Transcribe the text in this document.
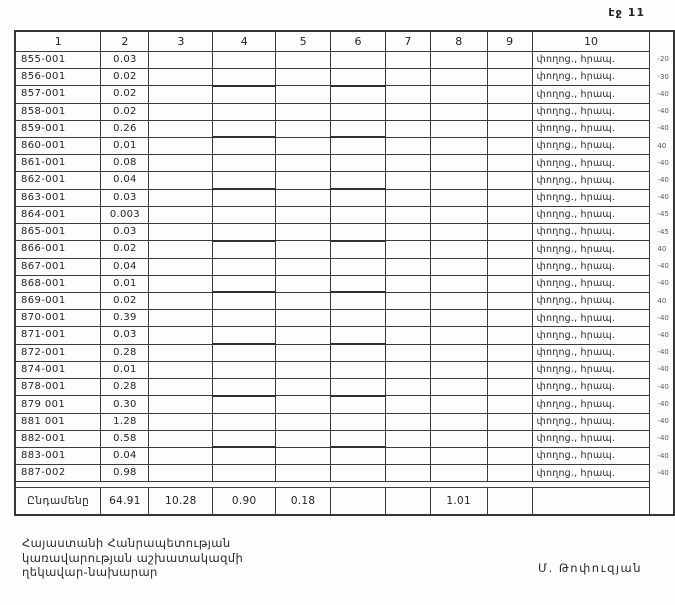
էջ 11
1	2	3	4	5	6	7	8	9	10	
855-001	0.03								փողոց., հրապ.	-20
856-001	0.02								փողոց., հրապ.	-30
857-001	0.02								փողոց., հրապ.	-40
858-001	0.02								փողոց., հրապ.	-40
859-001	0.26								փողոց., հրապ.	-40
860-001	0.01								փողոց., հրապ.	40
861-001	0.08								փողոց., հրապ.	-40
862-001	0.04								փողոց., հրապ.	-40
863-001	0.03								փողոց., հրապ.	-40
864-001	0.003								փողոց., հրապ.	-45
865-001	0.03								փողոց., հրապ.	-45
866-001	0.02								փողոց., հրապ.	40
867-001	0.04								փողոց., հրապ.	-40
868-001	0.01								փողոց., հրապ.	-40
869-001	0.02								փողոց., հրապ.	40
870-001	0.39								փողոց., հրապ.	-40
871-001	0.03								փողոց., հրապ.	-40
872-001	0.28								փողոց., հրապ.	-40
874-001	0.01								փողոց., հրապ.	-40
878-001	0.28								փողոց., հրապ.	-40
879 001	0.30								փողոց., հրապ.	-40
881 001	1.28								փողոց., հրապ.	-40
882-001	0.58								փողոց., հրապ.	-40
883-001	0.04								փողոց., հրապ.	-40
887-002	0.98								փողոց., հրապ.	-40

Ընդամենը	64.91	10.28	0.90	0.18			1.01			
Հայաստանի Հանրապետության
կառավարության աշխատակազմի
ղեկավար-նախարար	Մ. Թոփուզյան
